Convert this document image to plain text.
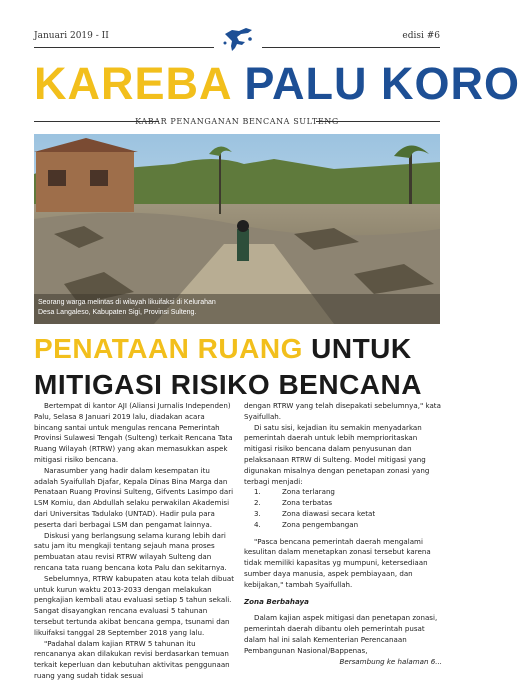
Januari 2019 - II	edisi #6
KAREBA PALU KORO
KABAR PENANGANAN BENCANA SULTENG
Seorang warga melintas di wilayah likuifaksi di Kelurahan
Desa Langaleso, Kabupaten Sigi, Provinsi Sulteng.
PENATAAN RUANG UNTUK
MITIGASI RISIKO BENCANA

Bertempat di kantor AJI (Aliansi Jurnalis Independen) Palu, Selasa 8 Januari 2019 lalu, diadakan acara bincang santai untuk mengulas rencana Pemerintah Provinsi Sulawesi Tengah (Sulteng) terkait Rencana Tata Ruang Wilayah (RTRW) yang akan memasukkan aspek mitigasi risiko bencana.

Narasumber yang hadir dalam kesempatan itu adalah Syaifullah Djafar, Kepala Dinas Bina Marga dan Penataan Ruang Provinsi Sulteng, Gifvents Lasimpo dari LSM Komiu, dan Abdullah selaku perwakilan Akademisi dari Universitas Tadulako (UNTAD). Hadir pula para peserta dari berbagai LSM dan pengamat lainnya.

Diskusi yang berlangsung selama kurang lebih dari satu jam itu mengkaji tentang sejauh mana proses pembuatan atau revisi RTRW wilayah Sulteng dan rencana tata ruang bencana kota Palu dan sekitarnya.

Sebelumnya, RTRW kabupaten atau kota telah dibuat untuk kurun waktu 2013-2033 dengan melakukan pengkajian kembali atau evaluasi setiap 5 tahun sekali. Sangat disayangkan rencana evaluasi 5 tahunan tersebut tertunda akibat bencana gempa, tsunami dan likuifaksi tanggal 28 September 2018 yang lalu.

"Padahal dalam kajian RTRW 5 tahunan itu rencananya akan dilakukan revisi berdasarkan temuan terkait keperluan dan kebutuhan aktivitas penggunaan ruang yang sudah tidak sesuai

dengan RTRW yang telah disepakati sebelumnya," kata Syaifullah.

Di satu sisi, kejadian itu semakin menyadarkan pemerintah daerah untuk lebih memprioritaskan mitigasi risiko bencana dalam penyusunan dan pelaksanaan RTRW di Sulteng. Model mitigasi yang digunakan misalnya dengan penetapan zonasi yang terbagi menjadi:

1.	Zona terlarang
2.	Zona terbatas
3.	Zona diawasi secara ketat
4.	Zona pengembangan

"Pasca bencana pemerintah daerah mengalami kesulitan dalam menetapkan zonasi tersebut karena tidak memiliki kapasitas yg mumpuni, ketersediaan sumber daya manusia, aspek pembiayaan, dan kebijakan," tambah Syaifullah.

Zona Berbahaya

Dalam kajian aspek mitigasi dan penetapan zonasi, pemerintah daerah dibantu oleh pemerintah pusat dalam hal ini salah Kementerian Perencanaan Pembangunan Nasional/Bappenas,

Bersambung ke halaman 6...
